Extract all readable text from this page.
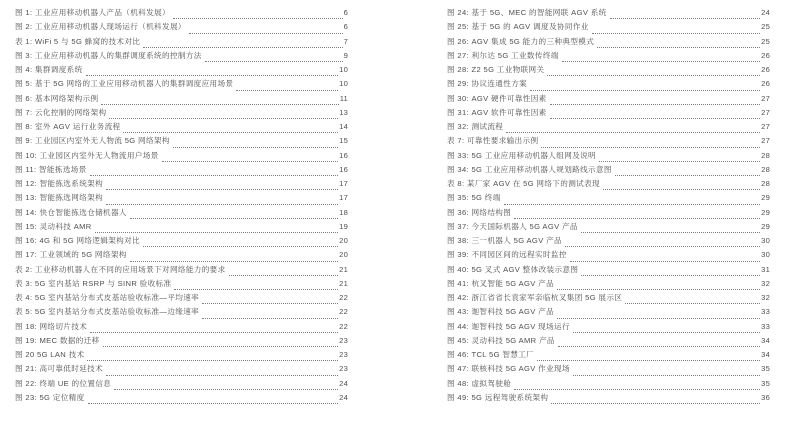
图 1: 工业应用移动机器人产品（机科发展）	6
图 2: 工业应用移动机器人现场运行（机科发展）	6
表 1: WiFi 5 与 5G 蜂窝的技术对比	7
图 3: 工业应用移动机器人的集群调度系统的控制方法	9
图 4: 集群调度系统	10
图 5: 基于 5G 网络的工业应用移动机器人的集群调度应用场景	10
图 6: 基本网络架构示例	11
图 7: 云化控制的网络架构	13
图 8: 室外 AGV 运行业务流程	14
图 9: 工业园区内室外无人物流 5G 网络架构	15
图 10: 工业园区内室外无人物流用户场景	16
图 11: 智能拣选场景	16
图 12: 智能拣选系统架构	17
图 13: 智能拣选网络架构	17
图 14: 快仓智能拣选仓储机器人	18
图 15: 灵动科技 AMR	19
图 16: 4G 和 5G 网络逻辑架构对比	20
图 17: 工业领域的 5G 网络架构	20
表 2: 工业移动机器人在不同的应用场景下对网络能力的要求	21
表 3: 5G 室内基站 RSRP 与 SINR 验收标准	21
表 4: 5G 室内基站分布式皮基站验收标准—平均速率	22
表 5: 5G 室内基站分布式皮基站验收标准—边缘速率	22
图 18: 网络切片技术	22
图 19: MEC 数据的迁移	23
图 20 5G LAN 技术	23
图 21: 高可靠低时延技术	23
图 22: 终端 UE 的位置信息	24
图 23: 5G 定位精度	24
图 24: 基于 5G、MEC 的智能网联 AGV 系统	24
图 25: 基于 5G 的 AGV 调度及协同作业	25
图 26: AGV 集成 5G 能力的三种典型模式	25
图 27: 利尔达 5G 工业数传终端	26
图 28: Z2 5G 工业物联网关	26
图 29: 协议连通性方案	26
图 30: AGV 硬件可靠性因素	27
图 31: AGV 软件可靠性因素	27
图 32: 测试流程	27
表 7: 可靠性要求输出示例	27
图 33: 5G 工业应用移动机器人组网及说明	28
图 34: 5G 工业应用移动机器人规划路线示意图	28
表 8: 某厂家 AGV 在 5G 网络下的测试表现	28
图 35: 5G 终端	29
图 36: 网络结构图	29
图 37: 今天国际机器人 5G AGV 产品	29
图 38: 三一机器人 5G AGV 产品	30
图 39: 不同园区间的远程实时监控	30
图 40: 5G 叉式 AGV 整体改装示意图	31
图 41: 杭叉智能 5G AGV 产品	32
图 42: 浙江省省长袁家军亲临杭叉集团 5G 展示区	32
图 43: 迦智科技 5G AGV 产品	33
图 44: 迦智科技 5G AGV 现场运行	33
图 45: 灵动科技 5G AMR 产品	34
图 46: TCL 5G 智慧工厂	34
图 47: 联核科技 5G AGV 作业现场	35
图 48: 虚拟驾驶舱	35
图 49: 5G 远程驾驶系统架构	36
